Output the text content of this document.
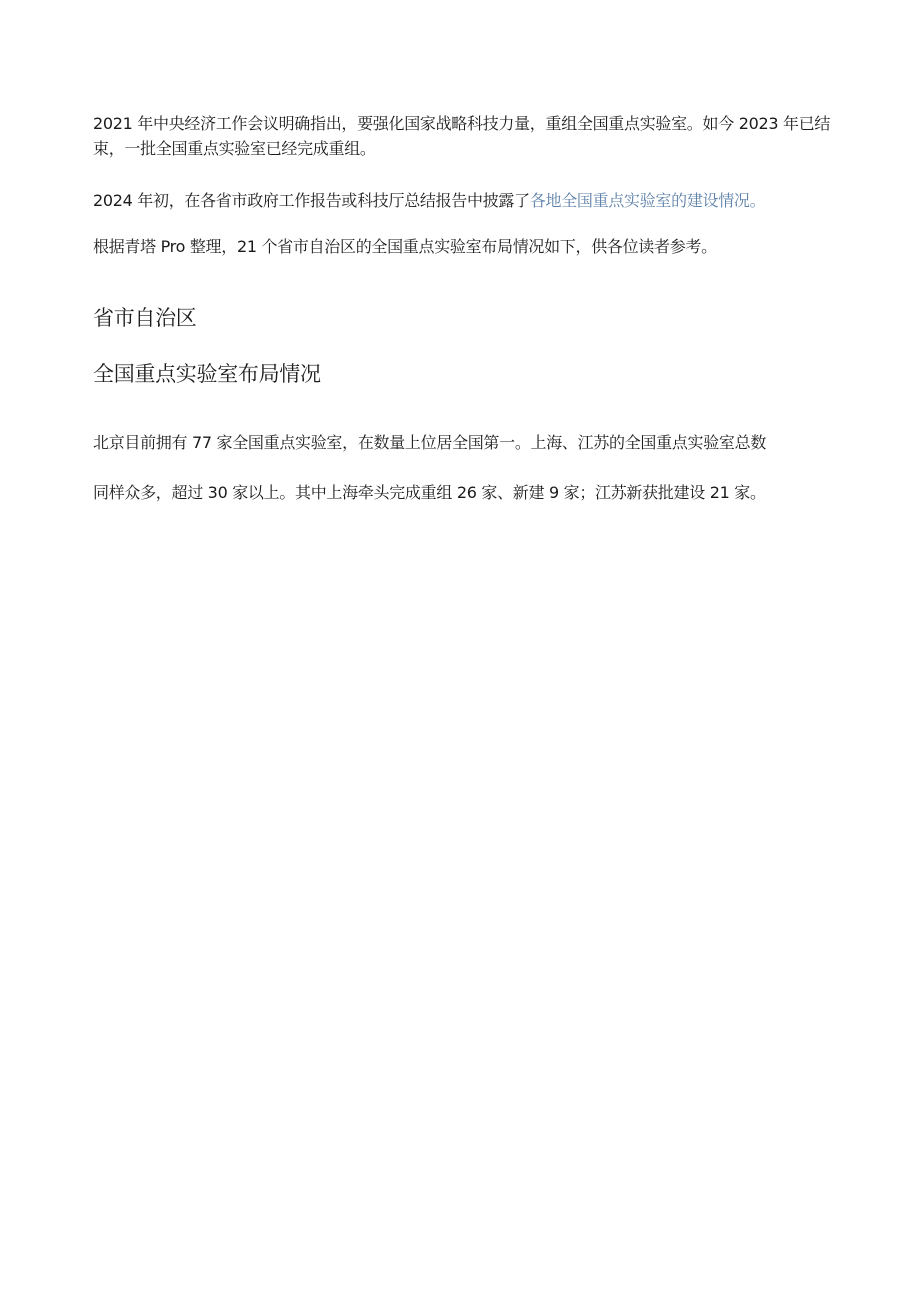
2021 年中央经济工作会议明确指出，要强化国家战略科技力量，重组全国重点实验室。如今 2023 年已结束，一批全国重点实验室已经完成重组。

2024 年初，在各省市政府工作报告或科技厅总结报告中披露了各地全国重点实验室的建设情况。

根据青塔 Pro 整理，21 个省市自治区的全国重点实验室布局情况如下，供各位读者参考。

省市自治区
全国重点实验室布局情况

北京目前拥有 77 家全国重点实验室，在数量上位居全国第一。上海、江苏的全国重点实验室总数

同样众多，超过 30 家以上。其中上海牵头完成重组 26 家、新建 9 家；江苏新获批建设 21 家。
